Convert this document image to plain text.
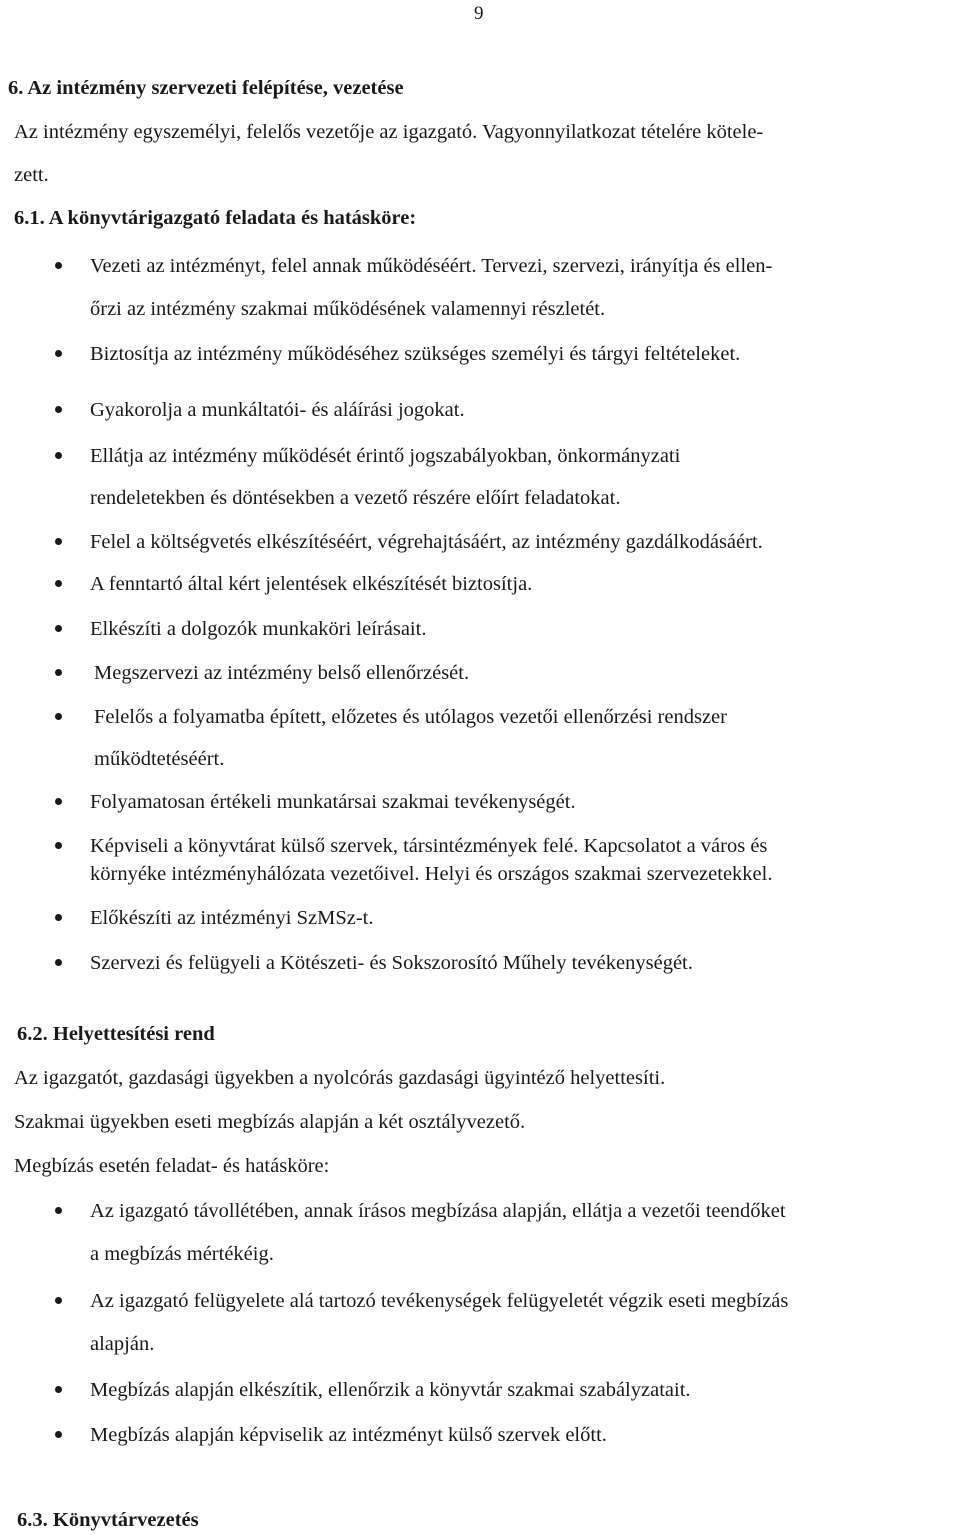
9
6. Az intézmény szervezeti felépítése, vezetése
Az intézmény egyszemélyi, felelős vezetője az igazgató. Vagyonnyilatkozat tételére kötele-
zett.
6.1. A könyvtárigazgató feladata és hatásköre:
Vezeti az intézményt, felel annak működéséért. Tervezi, szervezi, irányítja és ellen-
őrzi az intézmény szakmai működésének valamennyi részletét.
Biztosítja az intézmény működéséhez szükséges személyi és tárgyi feltételeket.
Gyakorolja a munkáltatói- és aláírási jogokat.
Ellátja az intézmény működését érintő jogszabályokban, önkormányzati
rendeletekben és döntésekben a vezető részére előírt feladatokat.
Felel a költségvetés elkészítéséért, végrehajtásáért, az intézmény gazdálkodásáért.
A fenntartó által kért jelentések elkészítését biztosítja.
Elkészíti a dolgozók munkaköri leírásait.
Megszervezi az intézmény belső ellenőrzését.
Felelős a folyamatba épített, előzetes és utólagos vezetői ellenőrzési rendszer
működtetéséért.
Folyamatosan értékeli munkatársai szakmai tevékenységét.
Képviseli a könyvtárat külső szervek, társintézmények felé. Kapcsolatot a város és
környéke intézményhálózata vezetőivel. Helyi és országos szakmai szervezetekkel.
Előkészíti az intézményi SzMSz-t.
Szervezi és felügyeli a Kötészeti- és Sokszorosító Műhely tevékenységét.
6.2. Helyettesítési rend
Az igazgatót, gazdasági ügyekben a nyolcórás gazdasági ügyintéző helyettesíti.
Szakmai ügyekben eseti megbízás alapján a két osztályvezető.
Megbízás esetén feladat- és hatásköre:
Az igazgató távollétében, annak írásos megbízása alapján, ellátja a vezetői teendőket
a megbízás mértékéig.
Az igazgató felügyelete alá tartozó tevékenységek felügyeletét végzik eseti megbízás
alapján.
Megbízás alapján elkészítik, ellenőrzik a könyvtár szakmai szabályzatait.
Megbízás alapján képviselik az intézményt külső szervek előtt.
6.3. Könyvtárvezetés
